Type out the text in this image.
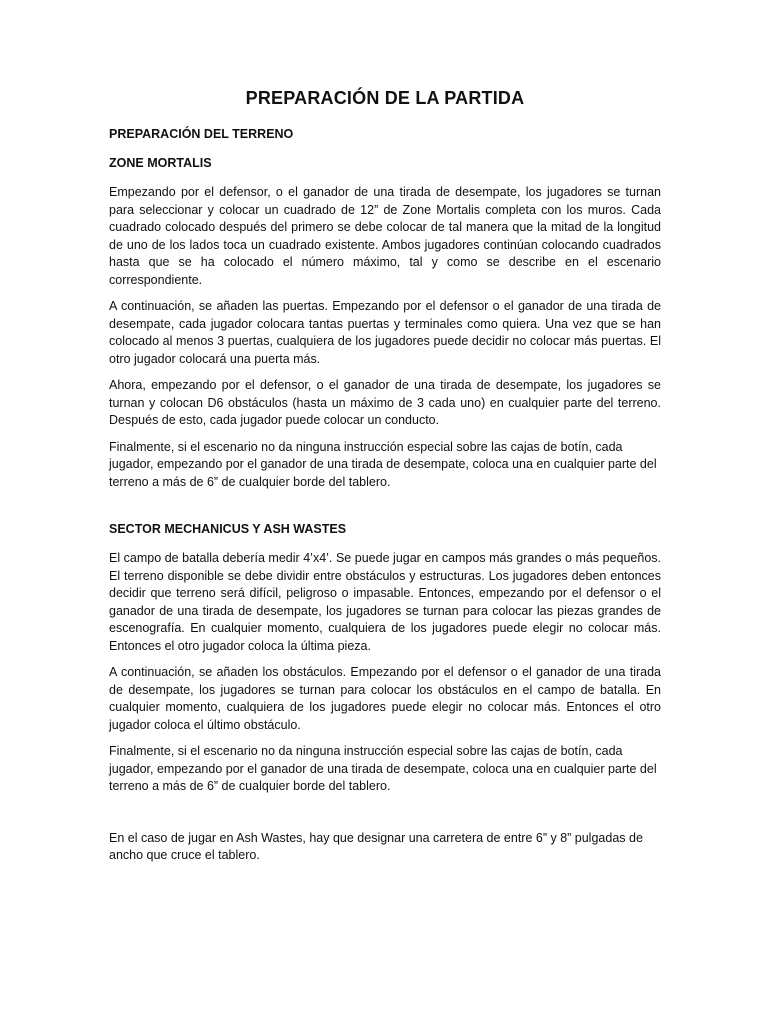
PREPARACIÓN DE LA PARTIDA
PREPARACIÓN DEL TERRENO
ZONE MORTALIS

Empezando por el defensor, o el ganador de una tirada de desempate, los jugadores se turnan para seleccionar y colocar un cuadrado de 12” de Zone Mortalis completa con los muros. Cada cuadrado colocado después del primero se debe colocar de tal manera que la mitad de la longitud de uno de los lados toca un cuadrado existente. Ambos jugadores continúan colocando cuadrados hasta que se ha colocado el número máximo, tal y como se describe en el escenario correspondiente.

A continuación, se añaden las puertas. Empezando por el defensor o el ganador de una tirada de desempate, cada jugador colocara tantas puertas y terminales como quiera. Una vez que se han colocado al menos 3 puertas, cualquiera de los jugadores puede decidir no colocar más puertas. El otro jugador colocará una puerta más.

Ahora, empezando por el defensor, o el ganador de una tirada de desempate, los jugadores se turnan y colocan D6 obstáculos (hasta un máximo de 3 cada uno) en cualquier parte del terreno. Después de esto, cada jugador puede colocar un conducto.

Finalmente, si el escenario no da ninguna instrucción especial sobre las cajas de botín, cada jugador, empezando por el ganador de una tirada de desempate, coloca una en cualquier parte del terreno a más de 6” de cualquier borde del tablero.

SECTOR MECHANICUS Y ASH WASTES

El campo de batalla debería medir 4’x4’. Se puede jugar en campos más grandes o más pequeños. El terreno disponible se debe dividir entre obstáculos y estructuras. Los jugadores deben entonces decidir que terreno será difícil, peligroso o impasable. Entonces, empezando por el defensor o el ganador de una tirada de desempate, los jugadores se turnan para colocar las piezas grandes de escenografía. En cualquier momento, cualquiera de los jugadores puede elegir no colocar más. Entonces el otro jugador coloca la última pieza.

A continuación, se añaden los obstáculos. Empezando por el defensor o el ganador de una tirada de desempate, los jugadores se turnan para colocar los obstáculos en el campo de batalla. En cualquier momento, cualquiera de los jugadores puede elegir no colocar más. Entonces el otro jugador coloca el último obstáculo.

Finalmente, si el escenario no da ninguna instrucción especial sobre las cajas de botín, cada jugador, empezando por el ganador de una tirada de desempate, coloca una en cualquier parte del terreno a más de 6” de cualquier borde del tablero.

En el caso de jugar en Ash Wastes, hay que designar una carretera de entre 6” y 8” pulgadas de ancho que cruce el tablero.
